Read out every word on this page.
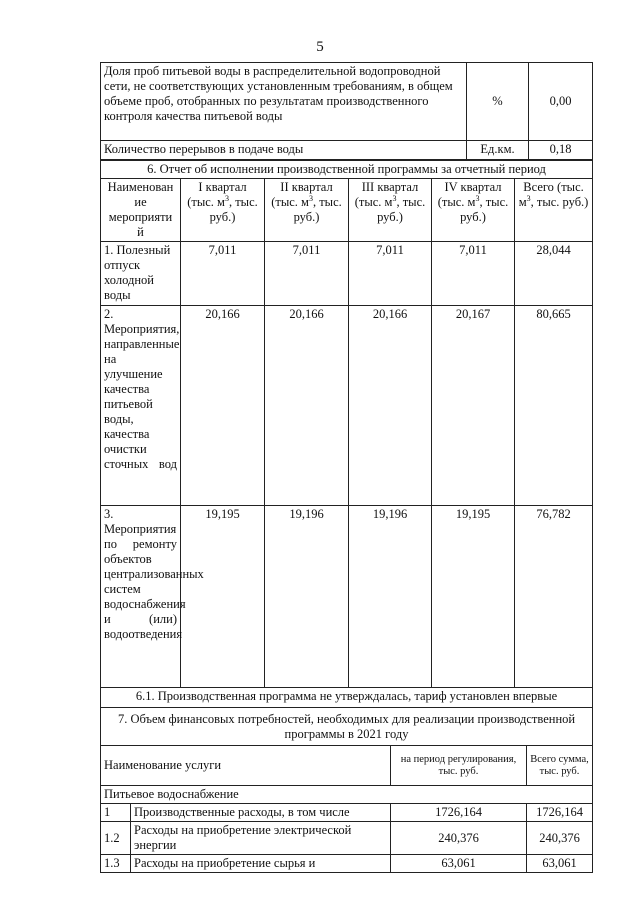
5
Доля проб питьевой воды в распределительной водопроводной сети, не соответствующих установленным требованиям, в общем объеме проб, отобранных по результатам производственного контроля качества питьевой воды	%	0,00
Количество перерывов в подаче воды	Ед.км.	0,18
6. Отчет об исполнении производственной программы за отчетный период					
Наименован ие мероприяти й	I квартал (тыс. $м^3$, тыс. руб.)	II квартал (тыс. $м^3$, тыс. руб.)	III квартал (тыс. $м^3$, тыс. руб.)	IV квартал (тыс. $м^3$, тыс. руб.)	Всего (тыс. $м^3$, тыс. руб.)
1. Полезный отпуск холодной воды	7,011	7,011	7,011	7,011	28,044
2. Мероприятия, направленные на улучшение качества питьевой воды, качества очистки сточных вод	20,166	20,166	20,166	20,167	80,665
3. Мероприятия по ремонту объектов централизованных систем водоснабжения и (или) водоотведения	19,195	19,196	19,196	19,195	76,782
6.1. Производственная программа не утверждалась, тариф установлен впервые					
7. Объем финансовых потребностей, необходимых для реализации производственной программы в 2021 году			
Наименование услуги		на период регулирования, тыс. руб.	Всего сумма, тыс. руб.
Питьевое водоснабжение			
1	Производственные расходы, в том числе	1726,164	1726,164
1.2	Расходы на приобретение электрической энергии	240,376	240,376
1.3	Расходы на приобретение сырья и	63,061	63,061
